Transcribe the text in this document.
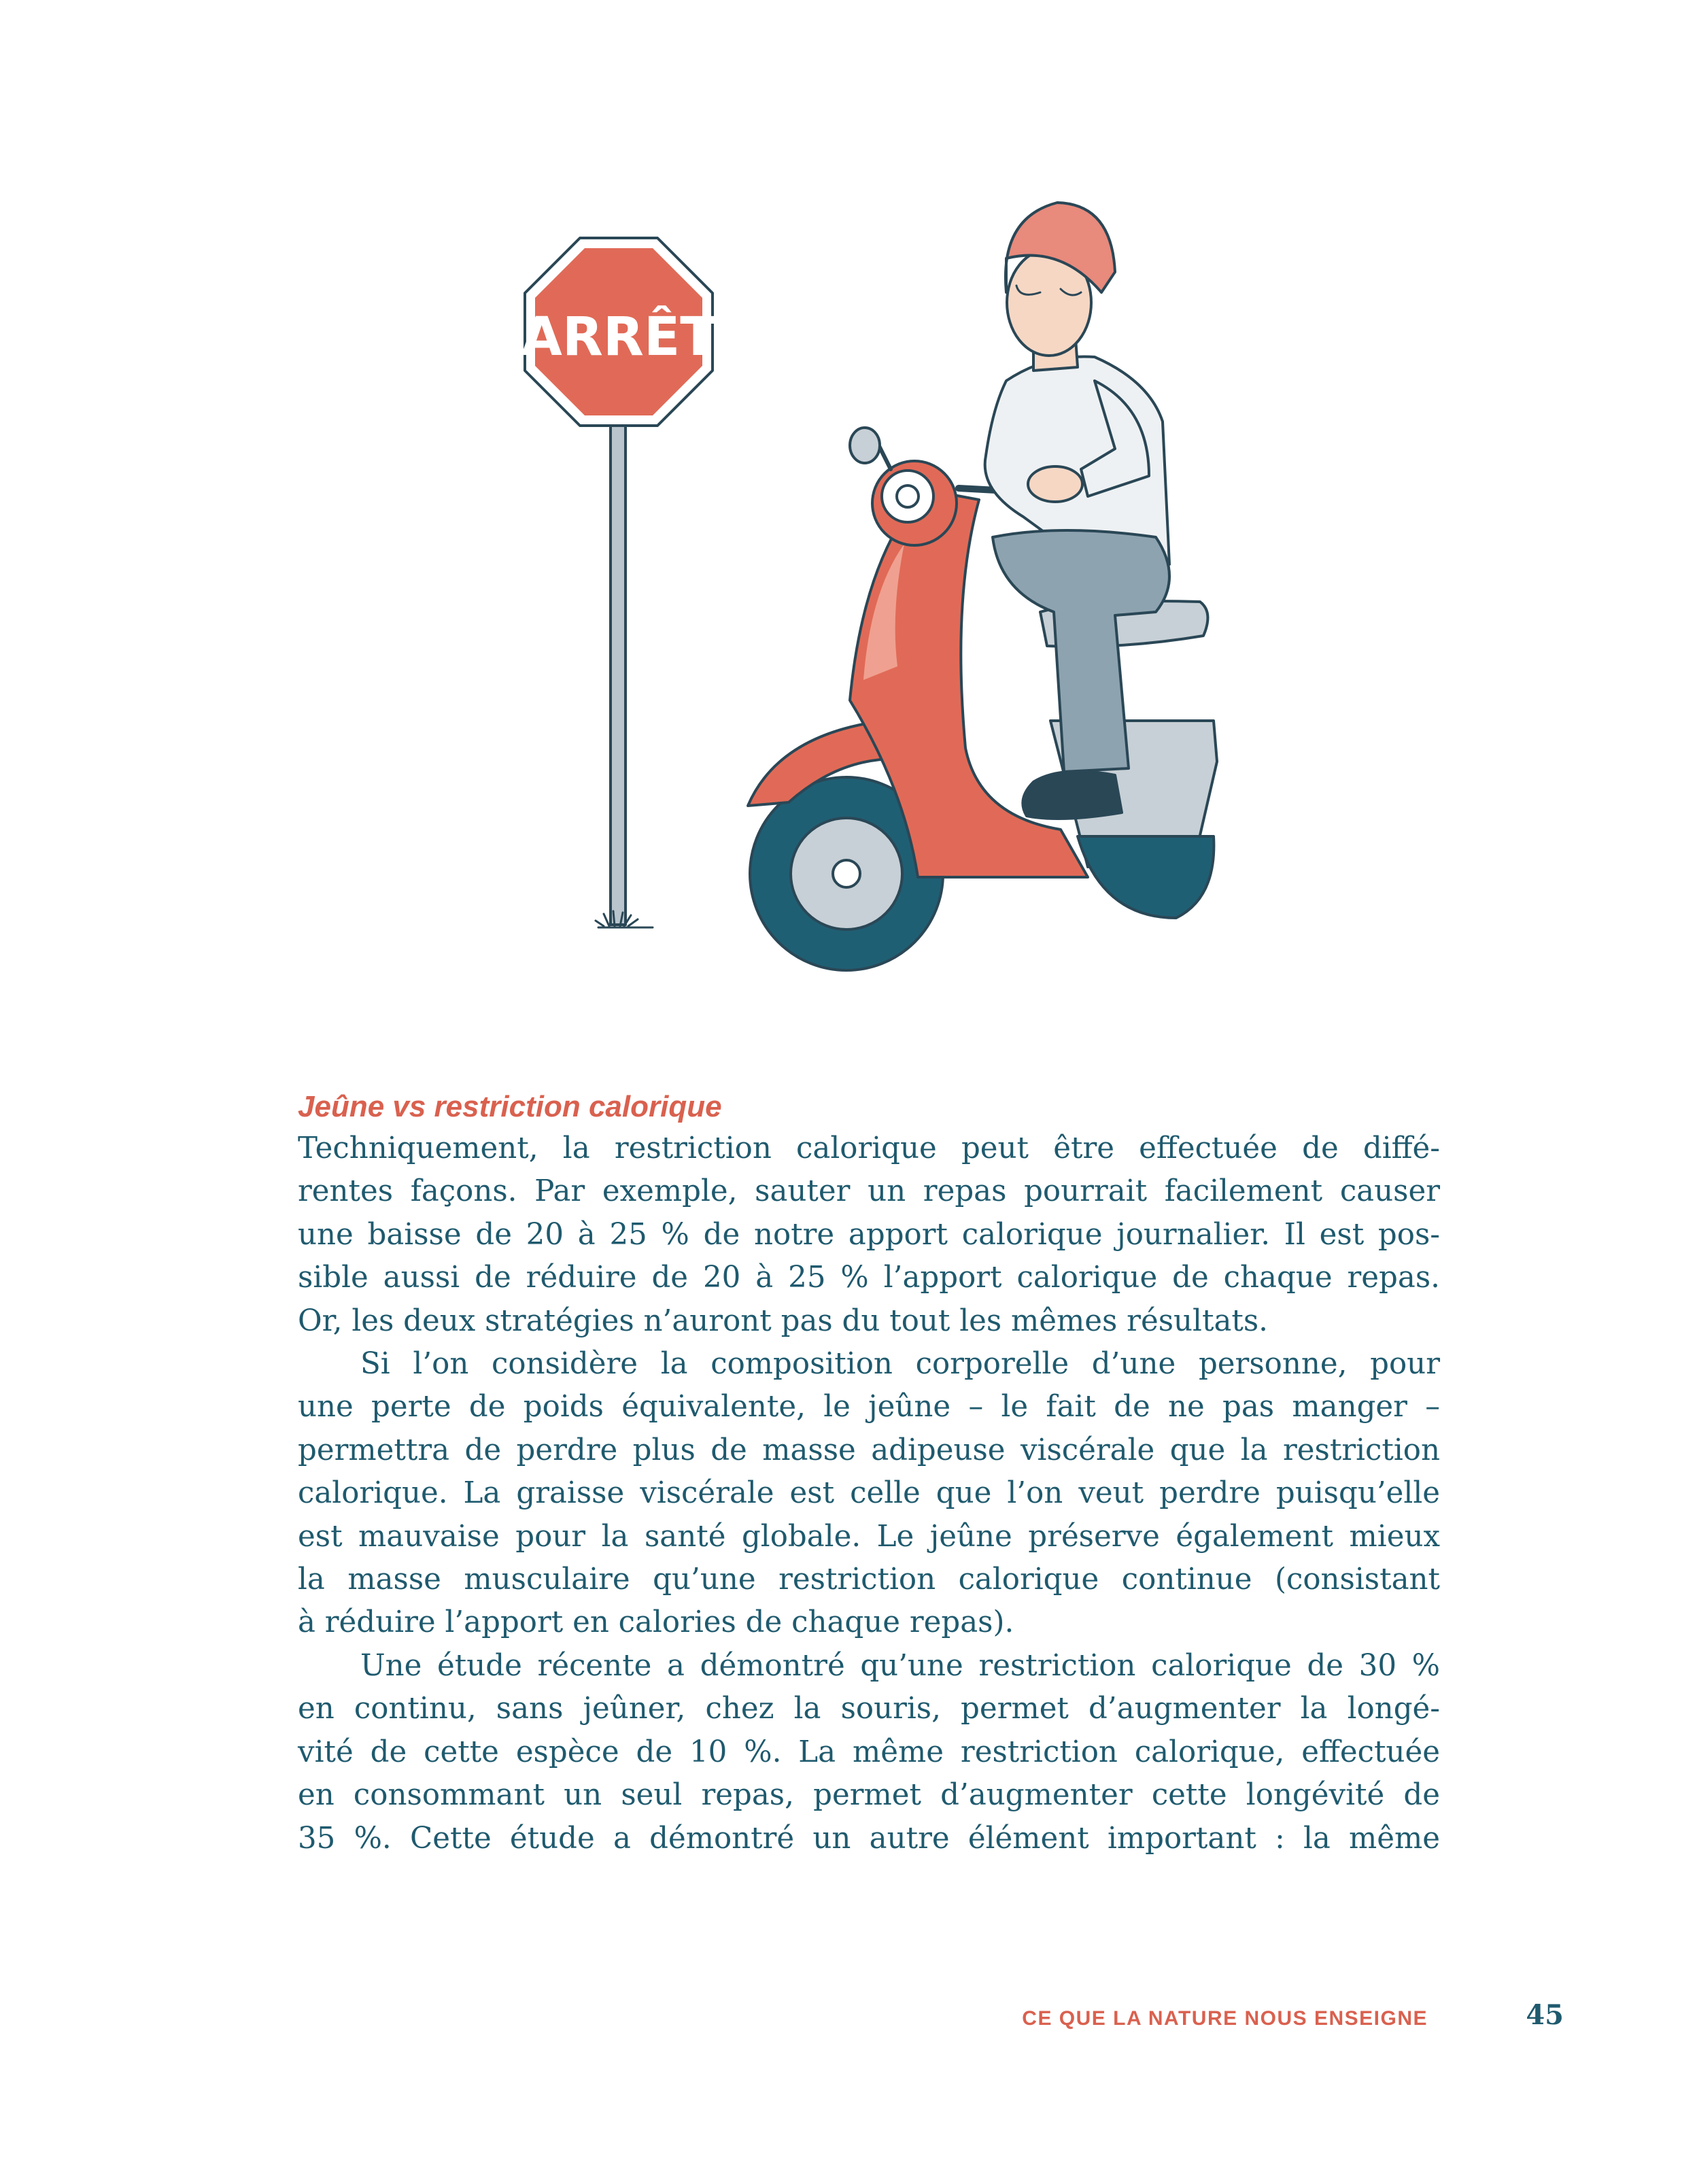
ARRÊT
Jeûne vs restriction calorique

Techniquement, la restriction calorique peut être effectuée de diffé-
rentes façons. Par exemple, sauter un repas pourrait facilement causer
une baisse de 20 à 25 % de notre apport calorique journalier. Il est pos-
sible aussi de réduire de 20 à 25 % l’apport calorique de chaque repas.
Or, les deux stratégies n’auront pas du tout les mêmes résultats.

Si l’on considère la composition corporelle d’une personne, pour
une perte de poids équivalente, le jeûne – le fait de ne pas manger –
permettra de perdre plus de masse adipeuse viscérale que la restriction
calorique. La graisse viscérale est celle que l’on veut perdre puisqu’elle
est mauvaise pour la santé globale. Le jeûne préserve également mieux
la masse musculaire qu’une restriction calorique continue (consistant
à réduire l’apport en calories de chaque repas).

Une étude récente a démontré qu’une restriction calorique de 30 %
en continu, sans jeûner, chez la souris, permet d’augmenter la longé-
vité de cette espèce de 10 %. La même restriction calorique, effectuée
en consommant un seul repas, permet d’augmenter cette longévité de
35 %. Cette étude a démontré un autre élément important : la même

CE QUE LA NATURE NOUS ENSEIGNE	45
